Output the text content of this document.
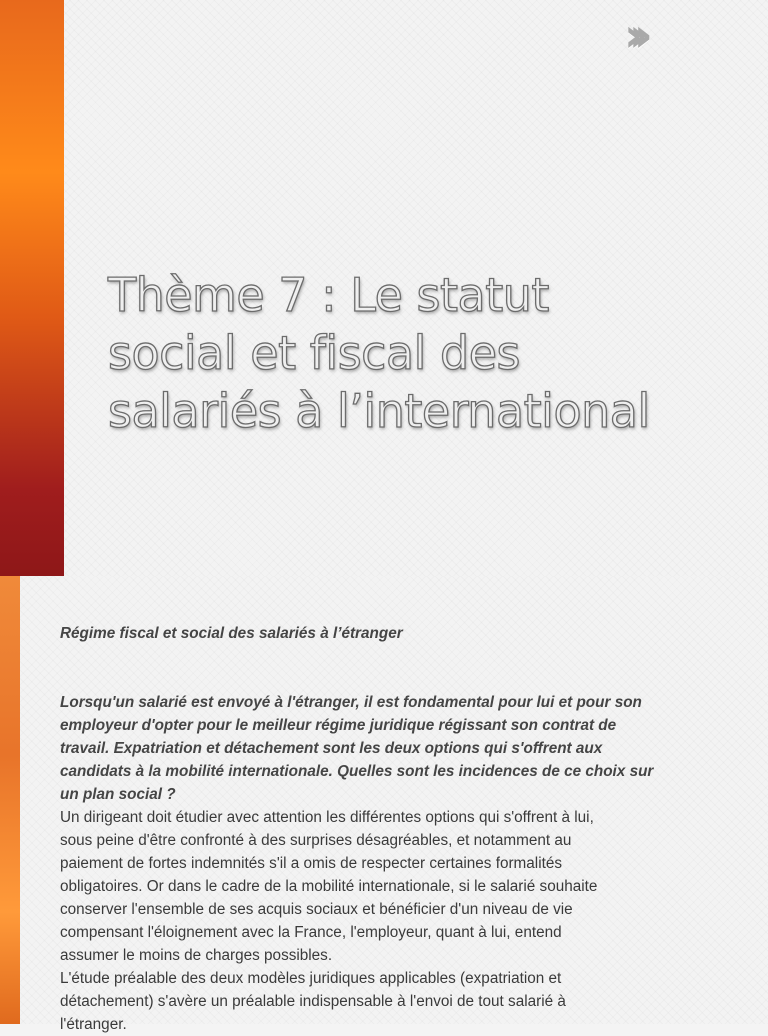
›››
Thème 7 : Le statut
social et fiscal des
salariés à l’international

Régime fiscal et social des salariés à l’étranger

Lorsqu'un salarié est envoyé à l'étranger, il est fondamental pour lui et pour son
employeur d'opter pour le meilleur régime juridique régissant son contrat de
travail. Expatriation et détachement sont les deux options qui s'offrent aux
candidats à la mobilité internationale. Quelles sont les incidences de ce choix sur
un plan social ?

Un dirigeant doit étudier avec attention les différentes options qui s'offrent à lui,
sous peine d'être confronté à des surprises désagréables, et notamment au
paiement de fortes indemnités s'il a omis de respecter certaines formalités
obligatoires. Or dans le cadre de la mobilité internationale, si le salarié souhaite
conserver l'ensemble de ses acquis sociaux et bénéficier d'un niveau de vie
compensant l'éloignement avec la France, l'employeur, quant à lui, entend
assumer le moins de charges possibles.

L'étude préalable des deux modèles juridiques applicables (expatriation et
détachement) s'avère un préalable indispensable à l'envoi de tout salarié à
l'étranger.
